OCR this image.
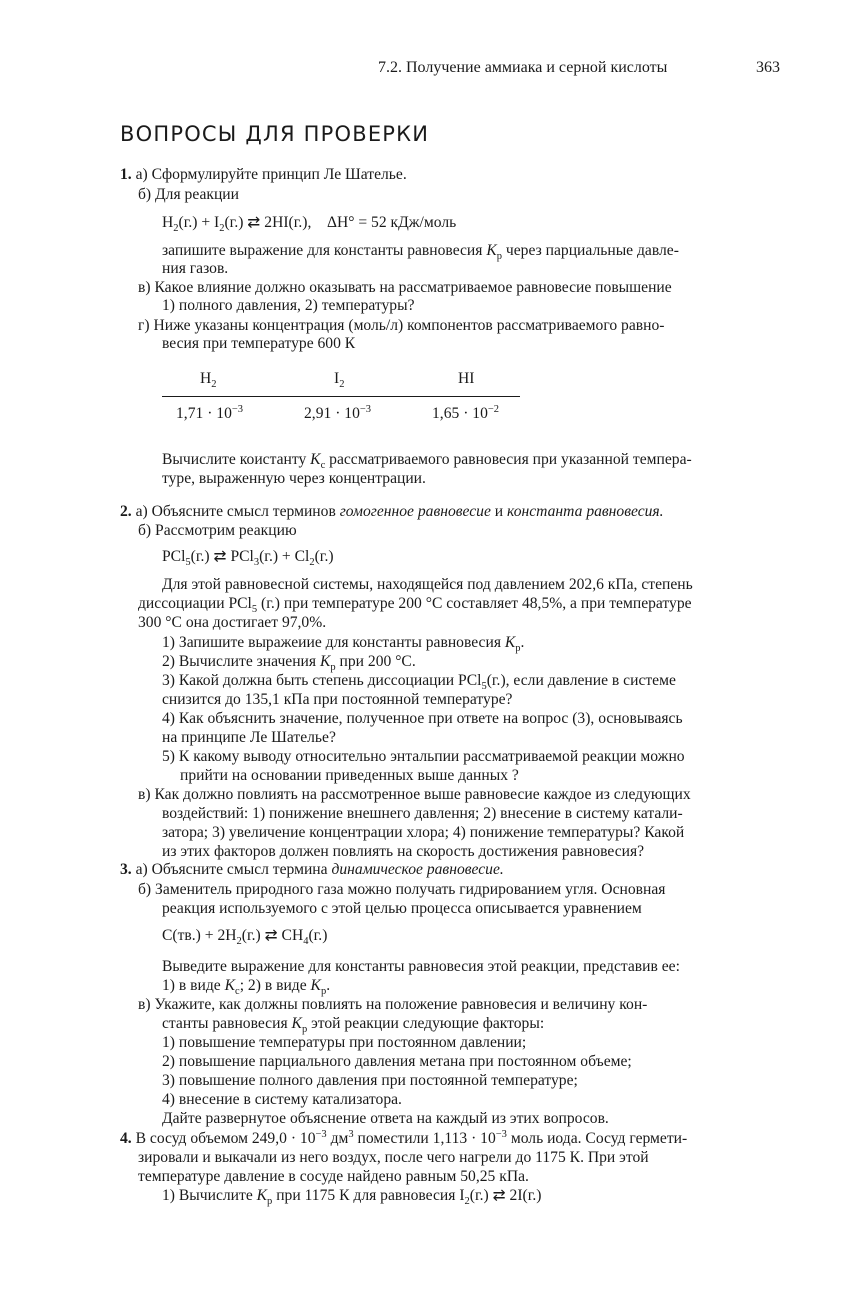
7.2. Получение аммиака и серной кислоты	363
ВОПРОСЫ ДЛЯ ПРОВЕРКИ
1. а) Сформулируйте принцип Ле Шателье.
б) Для реакции
$H_2(г.) + I_2(г.)$ ⇄ 2HI(г.), ΔH° = 52 кДж/моль
запишите выражение для константы равновесия $K_p$ через парциальные давле-
ния газов.
в) Какое влияние должно оказывать на рассматриваемое равновесие повышение
1) полного давления, 2) температуры?
г) Ниже указаны концентрация (моль/л) компонентов рассматриваемого равно-
весия при температуре 600 К
$H_2$	$I_2$	HI
$1,71 \cdot 10^{-3}$	$2,91 \cdot 10^{-3}$	$1,65 \cdot 10^{-2}$
Вычислите коистанту $K_c$ рассматриваемого равновесия при указанной темпера-
туре, выраженную через концентрации.
2. а) Объясните смысл терминов гомогенное равновесие и константа равновесия.
б) Рассмотрим реакцию
PCl$_5$(г.) ⇄ $PCl_3(г.) + Cl_2(г.)$
Для этой равновесной системы, находящейся под давлением 202,6 кПа, степень
диссоциации PCl$_5$ (г.) при температуре 200 °С составляет 48,5%, а при температуре
300 °С она достигает 97,0%.
1) Запишите выражеиие для константы равновесия $K_p$.
2) Вычислите значения $K_p$ при 200 °С.
3) Какой должна быть степень диссоциации PCl$_5$(г.), если давление в системе
снизится до 135,1 кПа при постоянной температуре?
4) Как объяснить значение, полученное при ответе на вопрос (3), основываясь
на принципе Ле Шателье?
5) К какому выводу относительно энтальпии рассматриваемой реакции можно
прийти на основании приведенных выше данных ?
в) Как должно повлиять на рассмотренное выше равновесие каждое из следующих
воздействий: 1) понижение внешнего давлення; 2) внесение в систему катали-
затора; 3) увеличение концентрации хлора; 4) понижение температуры? Какой
из этих факторов должен повлиять на скорость достижения равновесия?
3. а) Объясните смысл термина динамическое равновесие.
б) Заменитель природного газа можно получать гидрированием угля. Основная
реакция используемого с этой целью процесса описывается уравнением
$C(тв.) + 2H_2(г.)$ ⇄ $CH_4(г.)$
Выведите выражение для константы равновесия этой реакции, представив ее:
1) в виде $K_c$; 2) в виде $K_p$.
в) Укажите, как должны повлиять на положение равновесия и величину кон-
станты равновесия $K_p$ этой реакции следующие факторы:
1) повышение температуры при постоянном давлении;
2) повышение парциального давления метана при постоянном объеме;
3) повышение полного давления при постоянной температуре;
4) внесение в систему катализатора.
Дайте развернутое объяснение ответа на каждый из этих вопросов.
4. В сосуд объемом $249,0 \cdot 10^{-3}$ $дм^3$ поместили $1,113 \cdot 10^{-3}$ моль иода. Сосуд гермети-
зировали и выкачали из него воздух, после чего нагрели до 1175 К. При этой
температуре давление в сосуде найдено равным 50,25 кПа.
1) Вычислите $K_p$ при 1175 К для равновесия $I_2(г.)$ ⇄ 2I(г.)
